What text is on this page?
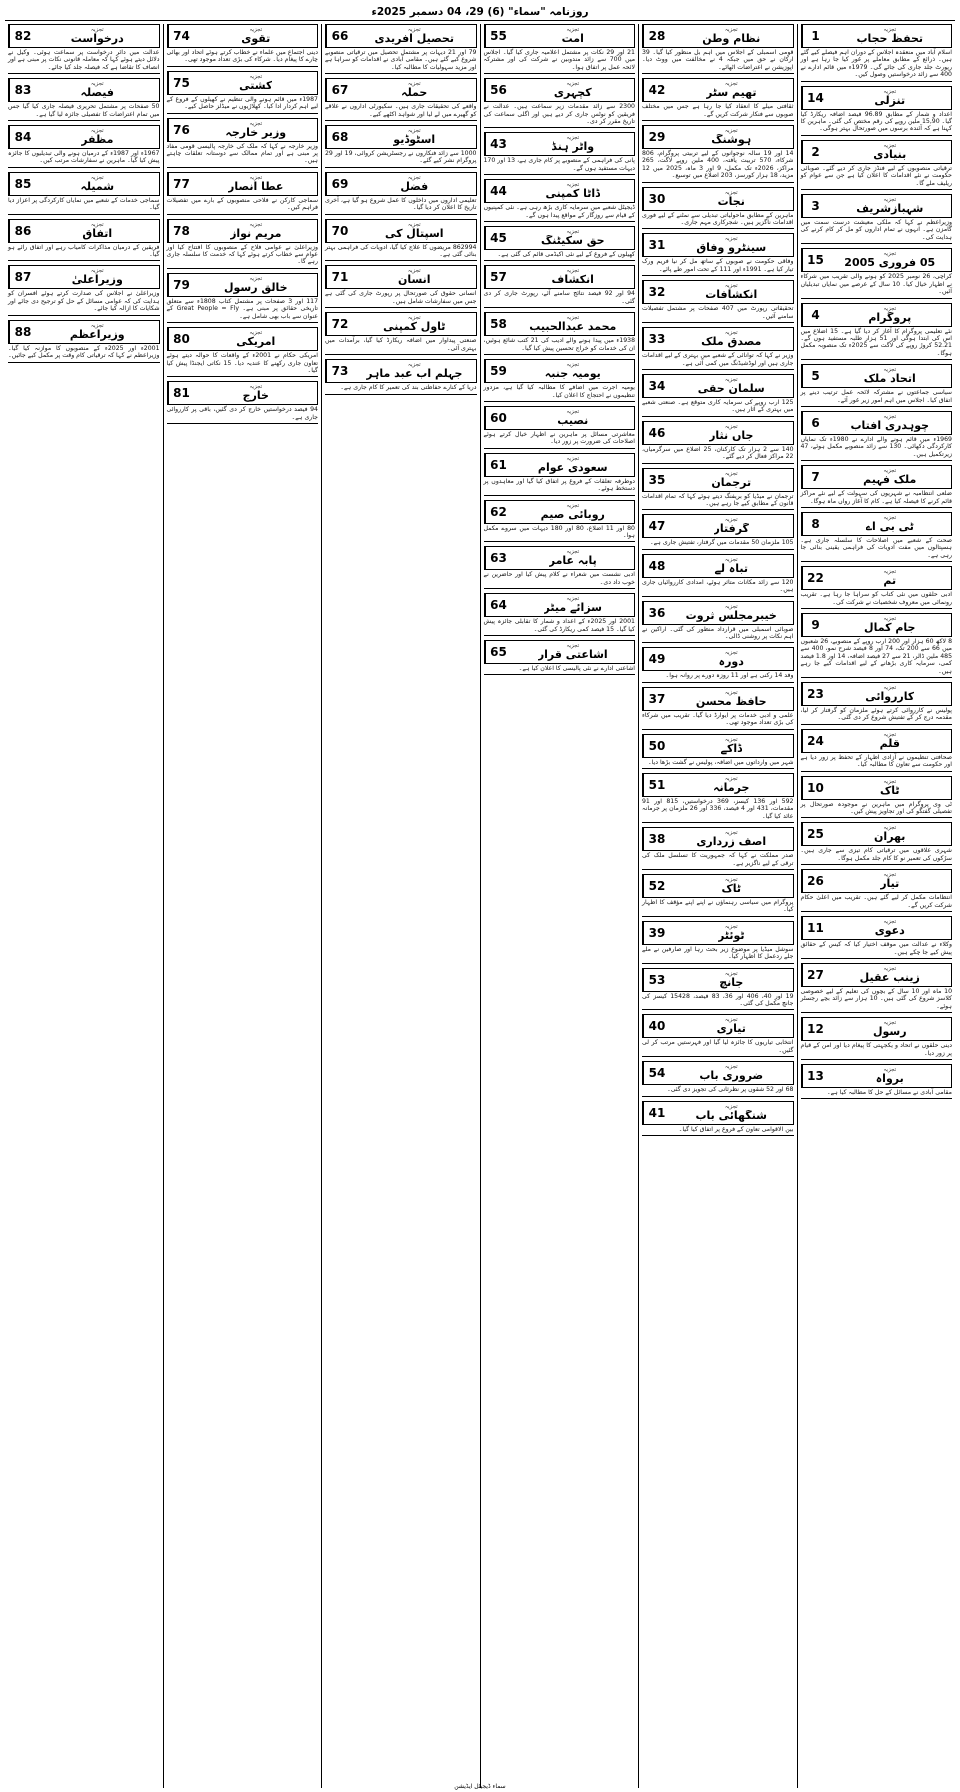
روزنامہ "سماء" (6) 29، 04 دسمبر 2025ء
1	تجزیہ
تحفظ حجاب
اسلام آباد میں منعقدہ اجلاس کے دوران اہم فیصلے کیے گئے ہیں۔ ذرائع کے مطابق معاملے پر غور کیا جا رہا ہے اور رپورٹ جلد جاری کی جائے گی۔ 1979ء میں قائم ادارے نے 400 سے زائد درخواستیں وصول کیں۔
14	تجزیہ
تنزلی
اعداد و شمار کے مطابق 96.89 فیصد اضافہ ریکارڈ کیا گیا۔ 15,90 ملین روپے کی رقم مختص کی گئی۔ ماہرین کا کہنا ہے کہ آئندہ برسوں میں صورتحال بہتر ہوگی۔
2	تجزیہ
بنیادی
ترقیاتی منصوبوں کے لیے فنڈز جاری کر دیے گئے۔ صوبائی حکومت نے نئے اقدامات کا اعلان کیا ہے جن سے عوام کو ریلیف ملے گا۔
3	تجزیہ
شہبازشریف
وزیراعظم نے کہا کہ ملکی معیشت درست سمت میں گامزن ہے۔ انہوں نے تمام اداروں کو مل کر کام کرنے کی ہدایت کی۔
15	تجزیہ
05 فروری 2005
کراچی، 26 نومبر 2025 کو ہونے والی تقریب میں شرکاء نے اظہار خیال کیا۔ 10 سال کے عرصے میں نمایاں تبدیلیاں آئیں۔
4	تجزیہ
پروگرام
نئے تعلیمی پروگرام کا آغاز کر دیا گیا ہے۔ 15 اضلاع میں اس کی ابتدا ہوگی اور 51 ہزار طلبہ مستفید ہوں گے۔ 52.21 کروڑ روپے کی لاگت سے 2025ء تک منصوبہ مکمل ہوگا۔
5	تجزیہ
اتحاد ملک
سیاسی جماعتوں نے مشترکہ لائحہ عمل ترتیب دینے پر اتفاق کیا۔ اجلاس میں اہم امور زیر غور آئے۔
6	تجزیہ
چوہدری آفتاب
1969ء میں قائم ہونے والے ادارے نے 1980ء تک نمایاں کارکردگی دکھائی۔ 130 سے زائد منصوبے مکمل ہوئے، 47 زیرتکمیل ہیں۔
7	تجزیہ
ملک فہیم
ضلعی انتظامیہ نے شہریوں کی سہولت کے لیے نئے مراکز قائم کرنے کا فیصلہ کیا ہے۔ کام کا آغاز رواں ماہ ہوگا۔
8	تجزیہ
ٹی بی اے
صحت کے شعبے میں اصلاحات کا سلسلہ جاری ہے۔ ہسپتالوں میں مفت ادویات کی فراہمی یقینی بنائی جا رہی ہے۔
22	تجزیہ
تم
ادبی حلقوں میں نئی کتاب کو سراہا جا رہا ہے۔ تقریب رونمائی میں معروف شخصیات نے شرکت کی۔
9	تجزیہ
جام کمال
8 لاکھ 60 ہزار اور 200 ارب روپے کے منصوبے، 26 شعبوں میں 66 سے 200 تک، 74 اور 8 فیصد شرح نمو، 400 سے 485 ملین ڈالر، 21 سے 27 فیصد اضافہ، 14 اور 1.8 فیصد کمی، سرمایہ کاری بڑھانے کے لیے اقدامات کیے جا رہے ہیں۔
23	تجزیہ
کارروائی
پولیس نے کارروائی کرتے ہوئے ملزمان کو گرفتار کر لیا، مقدمہ درج کر کے تفتیش شروع کر دی گئی۔
24	تجزیہ
قلم
صحافتی تنظیموں نے آزادی اظہار کے تحفظ پر زور دیا ہے اور حکومت سے تعاون کا مطالبہ کیا۔
10	تجزیہ
ٹاک
ٹی وی پروگرام میں ماہرین نے موجودہ صورتحال پر تفصیلی گفتگو کی اور تجاویز پیش کیں۔
25	تجزیہ
بھران
شہری علاقوں میں ترقیاتی کام تیزی سے جاری ہیں۔ سڑکوں کی تعمیر نو کا کام جلد مکمل ہوگا۔
26	تجزیہ
تیار
انتظامات مکمل کر لیے گئے ہیں۔ تقریب میں اعلیٰ حکام شرکت کریں گے۔
11	تجزیہ
دعوی
وکلاء نے عدالت میں موقف اختیار کیا کہ کیس کے حقائق پیش کیے جا چکے ہیں۔
27	تجزیہ
زینب عقیل
10 ماہ اور 10 سال کے بچوں کی تعلیم کے لیے خصوصی کلاسز شروع کی گئی ہیں۔ 10 ہزار سے زائد بچے رجسٹر ہوئے۔
12	تجزیہ
رسول
دینی حلقوں نے اتحاد و یکجہتی کا پیغام دیا اور امن کے قیام پر زور دیا۔
13	تجزیہ
برواہ
مقامی آبادی نے مسائل کے حل کا مطالبہ کیا ہے۔
28	تجزیہ
نظام وطن
قومی اسمبلی کے اجلاس میں اہم بل منظور کیا گیا۔ 39 ارکان نے حق میں جبکہ 4 نے مخالفت میں ووٹ دیا۔ اپوزیشن نے اعتراضات اٹھائے۔
42	تجزیہ
تھیم سٹر
ثقافتی میلے کا انعقاد کیا جا رہا ہے جس میں مختلف صوبوں سے فنکار شرکت کریں گے۔
29	تجزیہ
ہوشنگ
14 اور 19 سالہ نوجوانوں کے لیے تربیتی پروگرام، 806 شرکاء، 570 تربیت یافتہ، 400 ملین روپے لاگت، 265 مراکز، 2026ء تک مکمل، 9 اور 3 ماہ، 2025 میں 12 مزید، 18 ہزار کورسز، 203 اضلاع میں توسیع۔
30	تجزیہ
نجات
ماہرین کے مطابق ماحولیاتی تبدیلی سے نمٹنے کے لیے فوری اقدامات ناگزیر ہیں۔ شجرکاری مہم جاری۔
31	تجزیہ
سینٹرو وفاق
وفاقی حکومت نے صوبوں کے ساتھ مل کر نیا فریم ورک تیار کیا ہے۔ 1991ء اور 111 کے تحت امور طے پائے۔
32	تجزیہ
انکشافات
تحقیقاتی رپورٹ میں 407 صفحات پر مشتمل تفصیلات سامنے آئیں۔
33	تجزیہ
مصدق ملک
وزیر نے کہا کہ توانائی کے شعبے میں بہتری کے لیے اقدامات جاری ہیں اور لوڈشیڈنگ میں کمی آئی ہے۔
34	تجزیہ
سلمان حقی
125 ارب روپے کی سرمایہ کاری متوقع ہے۔ صنعتی شعبے میں بہتری کے آثار ہیں۔
46	تجزیہ
جاں نثار
140 سے 2 ہزار تک کارکنان، 25 اضلاع میں سرگرمیاں، 22 مراکز فعال کر دیے گئے۔
35	تجزیہ
ترجمان
ترجمان نے میڈیا کو بریفنگ دیتے ہوئے کہا کہ تمام اقدامات قانون کے مطابق کیے جا رہے ہیں۔
47	تجزیہ
گرفتار
105 ملزمان 50 مقدمات میں گرفتار، تفتیش جاری ہے۔
48	تجزیہ
تباہ لے
120 سے زائد مکانات متاثر ہوئے، امدادی کارروائیاں جاری ہیں۔
36	تجزیہ
خیبرمجلس ثروت
صوبائی اسمبلی میں قرارداد منظور کی گئی۔ اراکین نے اہم نکات پر روشنی ڈالی۔
49	تجزیہ
دورہ
وفد 14 رکنی ہے اور 11 روزہ دورے پر روانہ ہوا۔
37	تجزیہ
حافظ محسن
علمی و ادبی خدمات پر ایوارڈ دیا گیا۔ تقریب میں شرکاء کی بڑی تعداد موجود تھی۔
50	تجزیہ
ڈاکے
شہر میں وارداتوں میں اضافہ، پولیس نے گشت بڑھا دیا۔
51	تجزیہ
جرمانہ
592 اور 136 کیسز، 369 درخواستیں، 815 اور 91 مقدمات، 431 اور 4 فیصد، 336 اور 26 ملزمان پر جرمانہ عائد کیا گیا۔
38	تجزیہ
آصف زرداری
صدر مملکت نے کہا کہ جمہوریت کا تسلسل ملک کی ترقی کے لیے ناگزیر ہے۔
52	تجزیہ
ٹاک
پروگرام میں سیاسی رہنماؤں نے اپنے اپنے مؤقف کا اظہار کیا۔
39	تجزیہ
ٹوئٹر
سوشل میڈیا پر موضوع زیر بحث رہا اور صارفین نے ملے جلے ردعمل کا اظہار کیا۔
53	تجزیہ
جانچ
19 اور 40، 406 اور 36، 83 فیصد، 15428 کیسز کی جانچ مکمل کی گئی۔
40	تجزیہ
تیاری
انتخابی تیاریوں کا جائزہ لیا گیا اور فہرستیں مرتب کر لی گئیں۔
54	تجزیہ
ضروری باب
68 اور 52 شقوں پر نظرثانی کی تجویز دی گئی۔
41	تجزیہ
شنگھائی باب
بین الاقوامی تعاون کے فروغ پر اتفاق کیا گیا۔
55	تجزیہ
امت
21 اور 29 نکات پر مشتمل اعلامیہ جاری کیا گیا۔ اجلاس میں 700 سے زائد مندوبین نے شرکت کی اور مشترکہ لائحہ عمل پر اتفاق ہوا۔
56	تجزیہ
کچہری
2300 سے زائد مقدمات زیر سماعت ہیں۔ عدالت نے فریقین کو نوٹس جاری کر دیے ہیں اور اگلی سماعت کی تاریخ مقرر کر دی۔
43	تجزیہ
واٹر ہنڈ
پانی کی فراہمی کے منصوبے پر کام جاری ہے، 13 اور 170 دیہات مستفید ہوں گے۔
44	تجزیہ
ڈاٹا کمپنی
ڈیجیٹل شعبے میں سرمایہ کاری بڑھ رہی ہے۔ نئی کمپنیوں کے قیام سے روزگار کے مواقع پیدا ہوں گے۔
45	تجزیہ
حق سکیٹنگ
کھیلوں کے فروغ کے لیے نئی اکیڈمی قائم کی گئی ہے۔
57	تجزیہ
انکشاف
94 اور 92 فیصد نتائج سامنے آئے، رپورٹ جاری کر دی گئی۔
58	تجزیہ
محمد عبدالحبیب
1938ء میں پیدا ہونے والے ادیب کی 21 کتب شائع ہوئیں، ان کی خدمات کو خراج تحسین پیش کیا گیا۔
59	تجزیہ
یومیہ جنبہ
یومیہ اجرت میں اضافے کا مطالبہ کیا گیا ہے، مزدور تنظیموں نے احتجاج کا اعلان کیا۔
60	تجزیہ
نصیب
معاشرتی مسائل پر ماہرین نے اظہار خیال کرتے ہوئے اصلاحات کی ضرورت پر زور دیا۔
61	تجزیہ
سعودی عوام
دوطرفہ تعلقات کے فروغ پر اتفاق کیا گیا اور معاہدوں پر دستخط ہوئے۔
62	تجزیہ
روبائی صیم
80 اور 11 اضلاع، 80 اور 180 دیہات میں سروے مکمل ہوا۔
63	تجزیہ
پابہ عامر
ادبی نشست میں شعراء نے کلام پیش کیا اور حاضرین نے خوب داد دی۔
64	تجزیہ
سزائے میٹر
2001 اور 2025ء کے اعداد و شمار کا تقابلی جائزہ پیش کیا گیا۔ 15 فیصد کمی ریکارڈ کی گئی۔
65	تجزیہ
اشاعتی قرار
اشاعتی ادارے نے نئی پالیسی کا اعلان کیا ہے۔
66	تجزیہ
تحصیل آفریدی
79 اور 21 دیہات پر مشتمل تحصیل میں ترقیاتی منصوبے شروع کیے گئے ہیں۔ مقامی آبادی نے اقدامات کو سراہا ہے اور مزید سہولیات کا مطالبہ کیا۔
67	تجزیہ
حملہ
واقعے کی تحقیقات جاری ہیں۔ سکیورٹی اداروں نے علاقے کو گھیرے میں لے لیا اور شواہد اکٹھے کیے۔
68	تجزیہ
اسٹوڈیو
1000 سے زائد فنکاروں نے رجسٹریشن کروائی، 19 اور 29 پروگرام نشر کیے گئے۔
69	تجزیہ
فضل
تعلیمی اداروں میں داخلوں کا عمل شروع ہو گیا ہے، آخری تاریخ کا اعلان کر دیا گیا۔
70	تجزیہ
اسپتال کی
862994 مریضوں کا علاج کیا گیا، ادویات کی فراہمی بہتر بنائی گئی ہے۔
71	تجزیہ
انسان
انسانی حقوق کی صورتحال پر رپورٹ جاری کی گئی ہے جس میں سفارشات شامل ہیں۔
72	تجزیہ
ٹاول کمپنی
صنعتی پیداوار میں اضافہ ریکارڈ کیا گیا، برآمدات میں بہتری آئی۔
73	تجزیہ
جہلم آب عبد ماہر
دریا کے کنارے حفاظتی بند کی تعمیر کا کام جاری ہے۔
74	تجزیہ
تقوی
دینی اجتماع میں علماء نے خطاب کرتے ہوئے اتحاد اور بھائی چارے کا پیغام دیا۔ شرکاء کی بڑی تعداد موجود تھی۔
75	تجزیہ
کشتی
1987ء میں قائم ہونے والی تنظیم نے کھیلوں کے فروغ کے لیے اہم کردار ادا کیا۔ کھلاڑیوں نے میڈلز حاصل کیے۔
76	تجزیہ
وزیر خارجہ
وزیر خارجہ نے کہا کہ ملک کی خارجہ پالیسی قومی مفاد پر مبنی ہے اور تمام ممالک سے دوستانہ تعلقات چاہتے ہیں۔
77	تجزیہ
عطا انصار
سماجی کارکن نے فلاحی منصوبوں کے بارے میں تفصیلات فراہم کیں۔
78	تجزیہ
مریم نواز
وزیراعلیٰ نے عوامی فلاح کے منصوبوں کا افتتاح کیا اور عوام سے خطاب کرتے ہوئے کہا کہ خدمت کا سلسلہ جاری رہے گا۔
79	تجزیہ
خالق رسول
117 اور 3 صفحات پر مشتمل کتاب 1808ء سے متعلق تاریخی حقائق پر مبنی ہے۔ Great People = Fly کے عنوان سے باب بھی شامل ہے۔
80	تجزیہ
امریکی
امریکی حکام نے 2001ء کے واقعات کا حوالہ دیتے ہوئے تعاون جاری رکھنے کا عندیہ دیا۔ 15 نکاتی ایجنڈا پیش کیا گیا۔
81	تجزیہ
خارج
94 فیصد درخواستیں خارج کر دی گئیں، باقی پر کارروائی جاری ہے۔
82	تجزیہ
درخواست
عدالت میں دائر درخواست پر سماعت ہوئی۔ وکیل نے دلائل دیتے ہوئے کہا کہ معاملہ قانونی نکات پر مبنی ہے اور انصاف کا تقاضا ہے کہ فیصلہ جلد کیا جائے۔
83	تجزیہ
فیصلہ
50 صفحات پر مشتمل تحریری فیصلہ جاری کیا گیا جس میں تمام اعتراضات کا تفصیلی جائزہ لیا گیا ہے۔
84	تجزیہ
مظفر
1967ء اور 1987ء کے درمیان ہونے والی تبدیلیوں کا جائزہ پیش کیا گیا۔ ماہرین نے سفارشات مرتب کیں۔
85	تجزیہ
شمیلہ
سماجی خدمات کے شعبے میں نمایاں کارکردگی پر اعزاز دیا گیا۔
86	تجزیہ
اتفاق
فریقین کے درمیان مذاکرات کامیاب رہے اور اتفاق رائے ہو گیا۔
87	تجزیہ
وزیراعلیٰ
وزیراعلیٰ نے اجلاس کی صدارت کرتے ہوئے افسران کو ہدایت کی کہ عوامی مسائل کے حل کو ترجیح دی جائے اور شکایات کا ازالہ کیا جائے۔
88	تجزیہ
وزیراعظم
2001ء اور 2025ء کے منصوبوں کا موازنہ کیا گیا۔ وزیراعظم نے کہا کہ ترقیاتی کام وقت پر مکمل کیے جائیں۔
سماء ڈیجیٹل ایڈیشن
